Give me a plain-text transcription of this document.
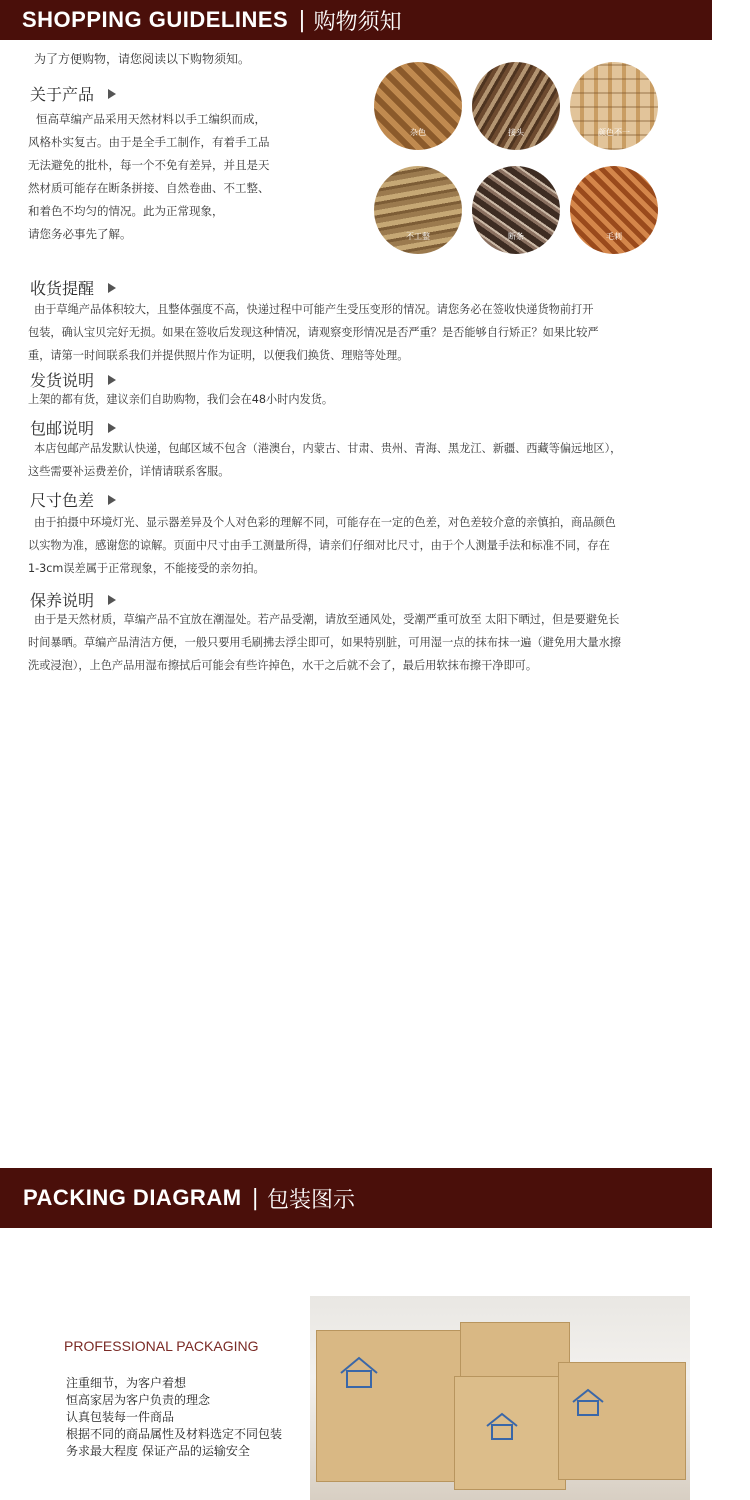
SHOPPING GUIDELINES | 购物须知
为了方便购物，请您阅读以下购物须知。
关于产品
恒高草编产品采用天然材料以手工编织而成，
风格朴实复古。由于是全手工制作，有着手工品
无法避免的批朴，每一个不免有差异，并且是天
然材质可能存在断条拼接、自然卷曲、不工整、
和着色不均匀的情况。此为正常现象，
请您务必事先了解。
杂色	接头	颜色不一
不工整	断条	毛刺
收货提醒
由于草绳产品体积较大，且整体强度不高，快递过程中可能产生受压变形的情况。请您务必在签收快递货物前打开
包装，确认宝贝完好无损。如果在签收后发现这种情况，请观察变形情况是否严重？是否能够自行矫正？如果比较严
重，请第一时间联系我们并提供照片作为证明，以便我们换货、理赔等处理。
发货说明
上架的都有货，建议亲们自助购物，我们会在48小时内发货。
包邮说明
本店包邮产品发默认快递，包邮区域不包含（港澳台，内蒙古、甘肃、贵州、青海、黑龙江、新疆、西藏等偏远地区），
这些需要补运费差价，详情请联系客服。
尺寸色差
由于拍摄中环境灯光、显示器差异及个人对色彩的理解不同，可能存在一定的色差，对色差较介意的亲慎拍，商品颜色
以实物为准，感谢您的谅解。页面中尺寸由手工测量所得，请亲们仔细对比尺寸，由于个人测量手法和标准不同，存在
1-3cm误差属于正常现象，不能接受的亲勿拍。
保养说明
由于是天然材质，草编产品不宜放在潮湿处。若产品受潮，请放至通风处，受潮严重可放至 太阳下晒过，但是要避免长
时间暴晒。草编产品清洁方便，一般只要用毛刷拂去浮尘即可，如果特别脏，可用湿一点的抹布抹一遍（避免用大量水擦
洗或浸泡），上色产品用湿布擦拭后可能会有些许掉色，水干之后就不会了，最后用软抹布擦干净即可。
PACKING DIAGRAM | 包装图示
PROFESSIONAL PACKAGING
注重细节，为客户着想
恒高家居为客户负责的理念
认真包装每一件商品
根据不同的商品属性及材料选定不同包装
务求最大程度 保证产品的运输安全
